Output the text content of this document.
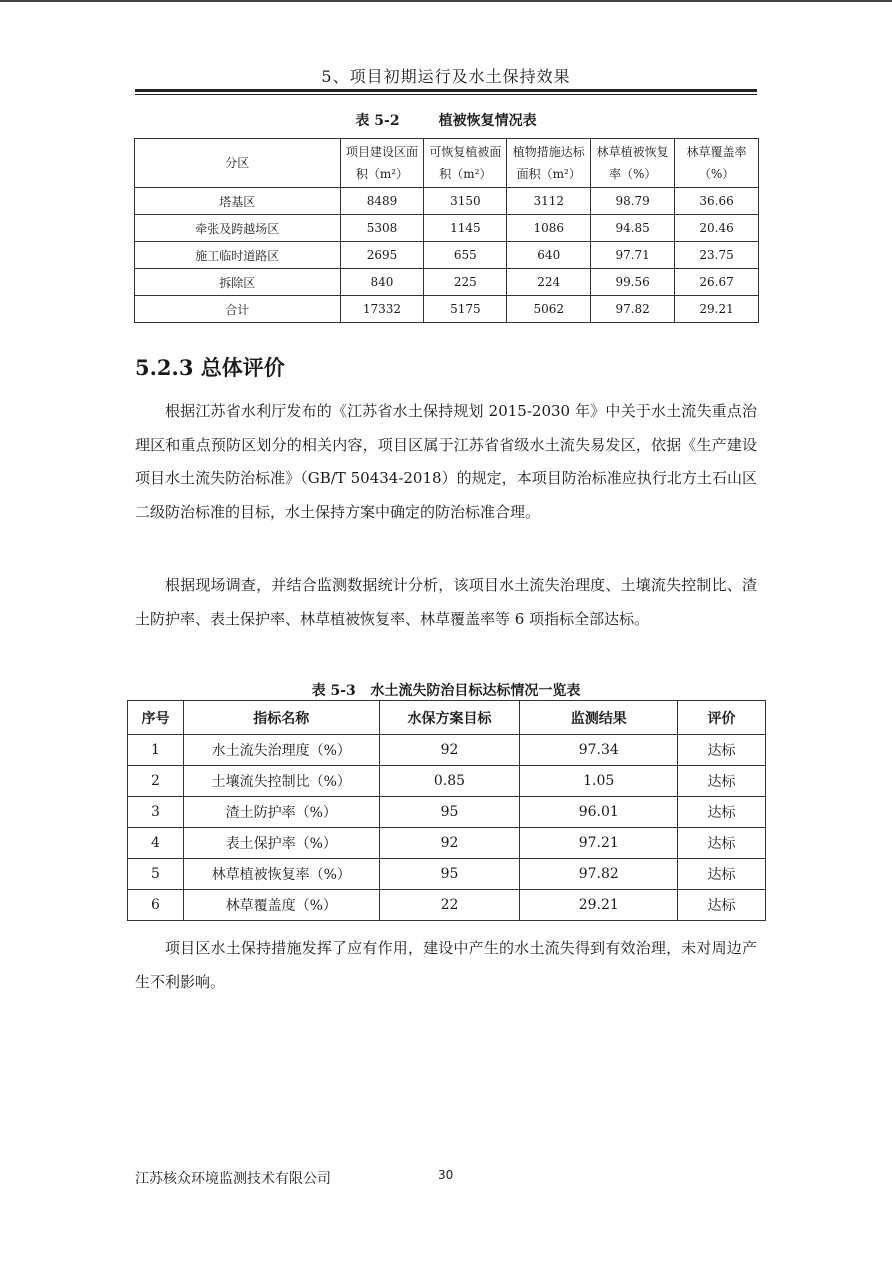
5、项目初期运行及水土保持效果
表 5-2        植被恢复情况表
分区	项目建设区面积（m²）	可恢复植被面积（m²）	植物措施达标面积（m²）	林草植被恢复率（%）	林草覆盖率（%）
塔基区	8489	3150	3112	98.79	36.66
牵张及跨越场区	5308	1145	1086	94.85	20.46
施工临时道路区	2695	655	640	97.71	23.75
拆除区	840	225	224	99.56	26.67
合计	17332	5175	5062	97.82	29.21
5.2.3 总体评价

根据江苏省水利厅发布的《江苏省水土保持规划 2015-2030 年》中关于水土流失重点治理区和重点预防区划分的相关内容，项目区属于江苏省省级水土流失易发区，依据《生产建设项目水土流失防治标准》（GB/T 50434-2018）的规定，本项目防治标准应执行北方土石山区二级防治标准的目标，水土保持方案中确定的防治标准合理。

根据现场调查，并结合监测数据统计分析，该项目水土流失治理度、土壤流失控制比、渣土防护率、表土保护率、林草植被恢复率、林草覆盖率等 6 项指标全部达标。

表 5-3   水土流失防治目标达标情况一览表
序号	指标名称	水保方案目标	监测结果	评价
1	水土流失治理度（%）	92	97.34	达标
2	土壤流失控制比（%）	0.85	1.05	达标
3	渣土防护率（%）	95	96.01	达标
4	表土保护率（%）	92	97.21	达标
5	林草植被恢复率（%）	95	97.82	达标
6	林草覆盖度（%）	22	29.21	达标

项目区水土保持措施发挥了应有作用，建设中产生的水土流失得到有效治理，未对周边产生不利影响。

江苏核众环境监测技术有限公司	30
